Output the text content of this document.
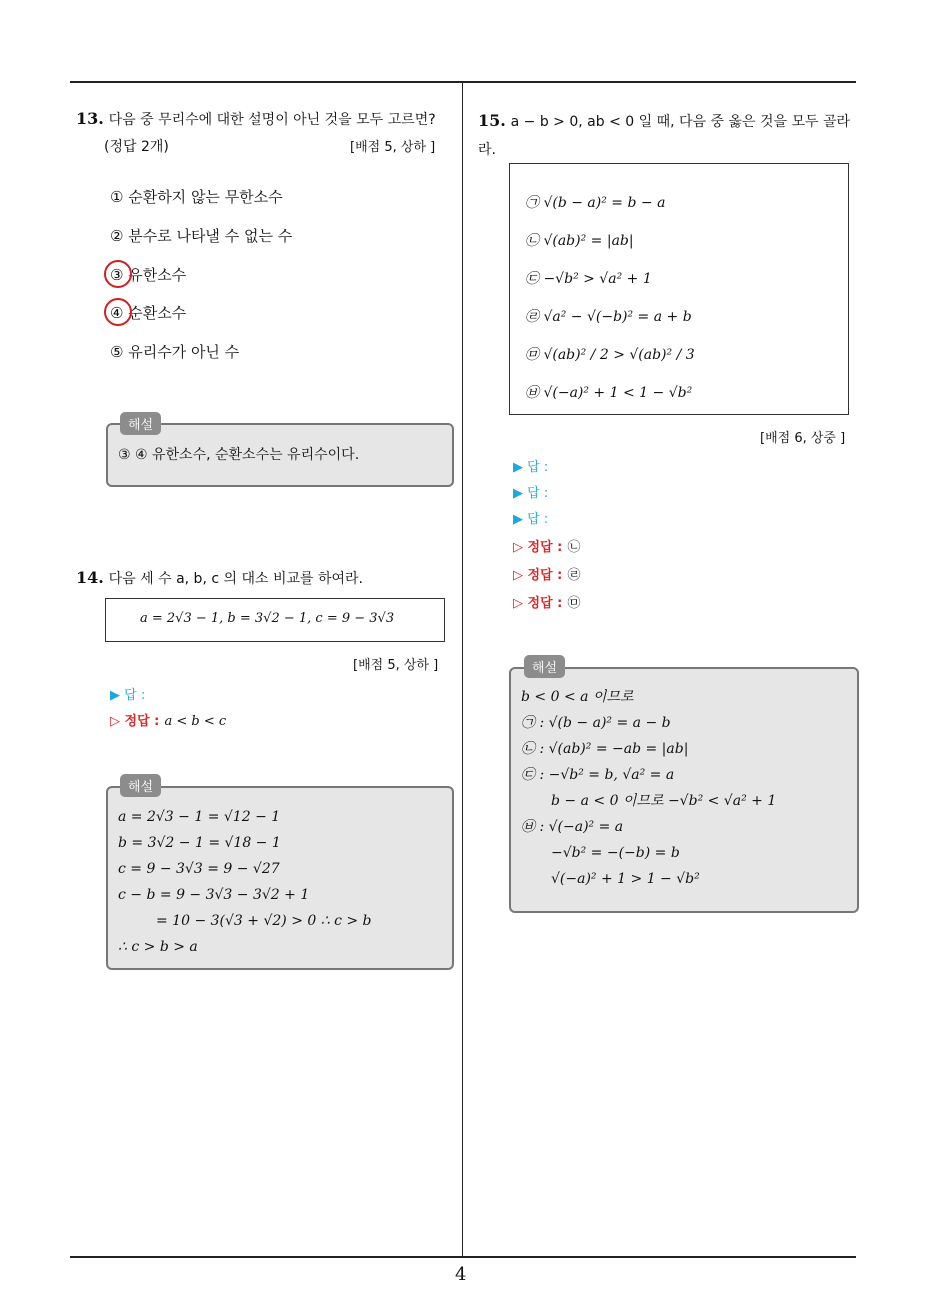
4
13. 다음 중 무리수에 대한 설명이 아닌 것을 모두 고르면?
(정답 2개)	[배점 5, 상하 ]
① 순환하지 않는 무한소수
② 분수로 나타낼 수 없는 수
③ 유한소수
④ 순환소수
⑤ 유리수가 아닌 수
해설
③ ④ 유한소수, 순환소수는 유리수이다.
14. 다음 세 수 a, b, c 의 대소 비교를 하여라.
a = 2√3 − 1, b = 3√2 − 1, c = 9 − 3√3
[배점 5, 상하 ]
▶ 답 :
▷ 정답 : a < b < c
해설
a = 2√3 − 1 = √12 − 1
b = 3√2 − 1 = √18 − 1
c = 9 − 3√3 = 9 − √27
c − b = 9 − 3√3 − 3√2 + 1
= 10 − 3(√3 + √2) > 0 ∴ c > b
∴ c > b > a
15. a − b > 0, ab < 0 일 때, 다음 중 옳은 것을 모두 골라라.
㉠ √(b − a)² = b − a
㉡ √(ab)² = |ab|
㉢ −√b² > √a² + 1
㉣ √a² − √(−b)² = a + b
㉤ √(ab)² / 2 > √(ab)² / 3
㉥ √(−a)² + 1 < 1 − √b²
[배점 6, 상중 ]
▶ 답 :
▶ 답 :
▶ 답 :
▷ 정답 : ㉡
▷ 정답 : ㉣
▷ 정답 : ㉤
해설
b < 0 < a 이므로
㉠ : √(b − a)² = a − b
㉡ : √(ab)² = −ab = |ab|
㉢ : −√b² = b, √a² = a
b − a < 0 이므로 −√b² < √a² + 1
㉥ : √(−a)² = a
−√b² = −(−b) = b
√(−a)² + 1 > 1 − √b²
